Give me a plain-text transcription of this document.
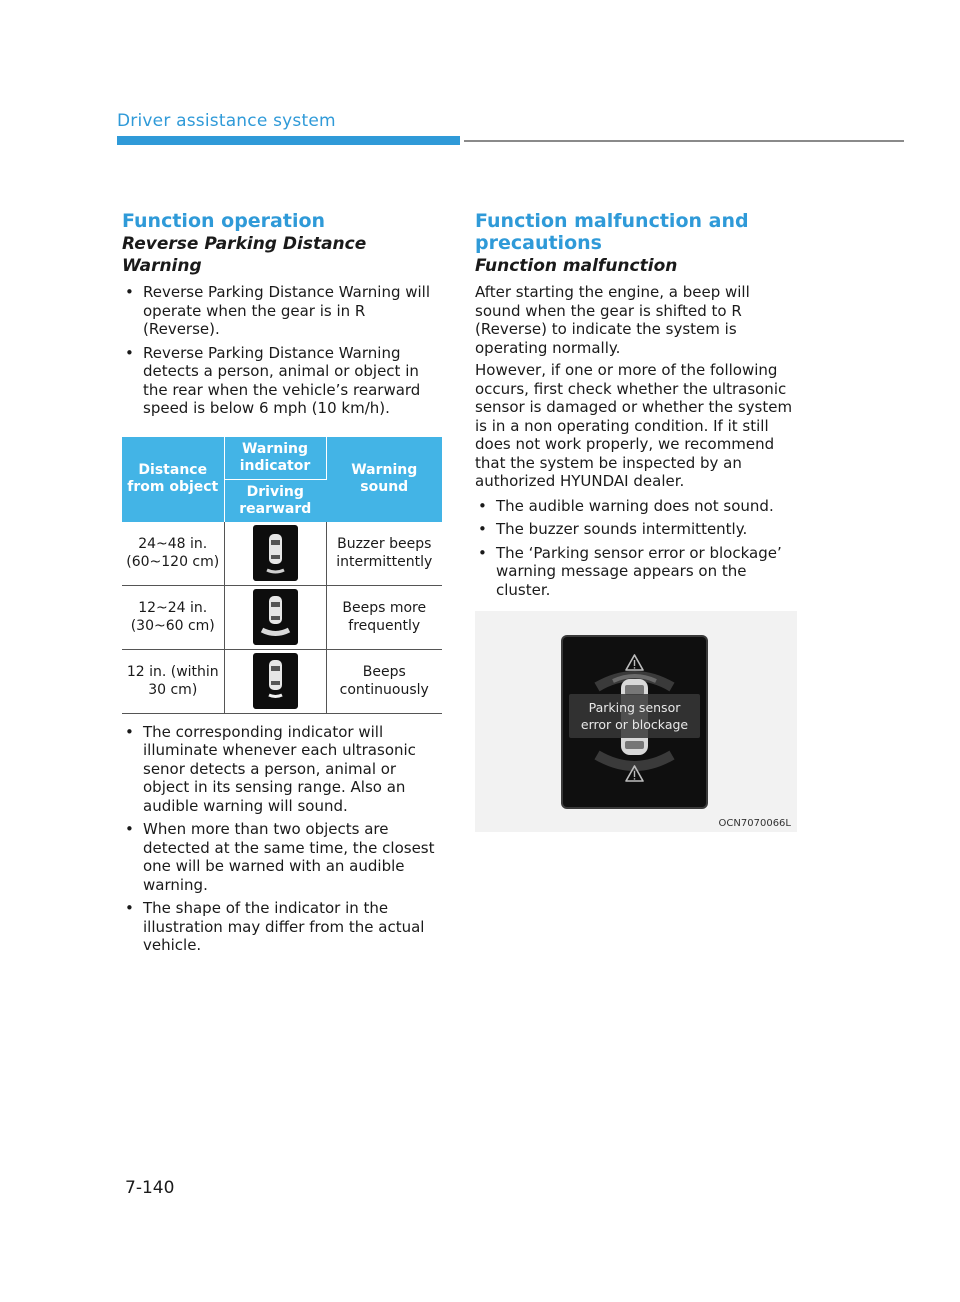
Driver assistance system
Function operation
Reverse Parking Distance Warning
• Reverse Parking Distance Warning will operate when the gear is in R (Reverse).
• Reverse Parking Distance Warning detects a person, animal or object in the rear when the vehicle’s rearward speed is below 6 mph (10 km/h).
Distance from object	Warning indicator	Warning sound
	Driving rearward	
24~48 in. (60~120 cm)		Buzzer beeps intermittently
12~24 in. (30~60 cm)		Beeps more frequently
12 in. (within 30 cm)		Beeps continuously
• The corresponding indicator will illuminate whenever each ultrasonic senor detects a person, animal or object in its sensing range. Also an audible warning will sound.
• When more than two objects are detected at the same time, the closest one will be warned with an audible warning.
• The shape of the indicator in the illustration may differ from the actual vehicle.
Function malfunction and precautions
Function malfunction

After starting the engine, a beep will sound when the gear is shifted to R (Reverse) to indicate the system is operating normally.

However, if one or more of the following occurs, first check whether the ultrasonic sensor is damaged or whether the system is in a non operating condition. If it still does not work properly, we recommend that the system be inspected by an authorized HYUNDAI dealer.

• The audible warning does not sound.
• The buzzer sounds intermittently.
• The ‘Parking sensor error or blockage’ warning message appears on the cluster.
Parking sensor
error or blockage
OCN7070066L
7-140
